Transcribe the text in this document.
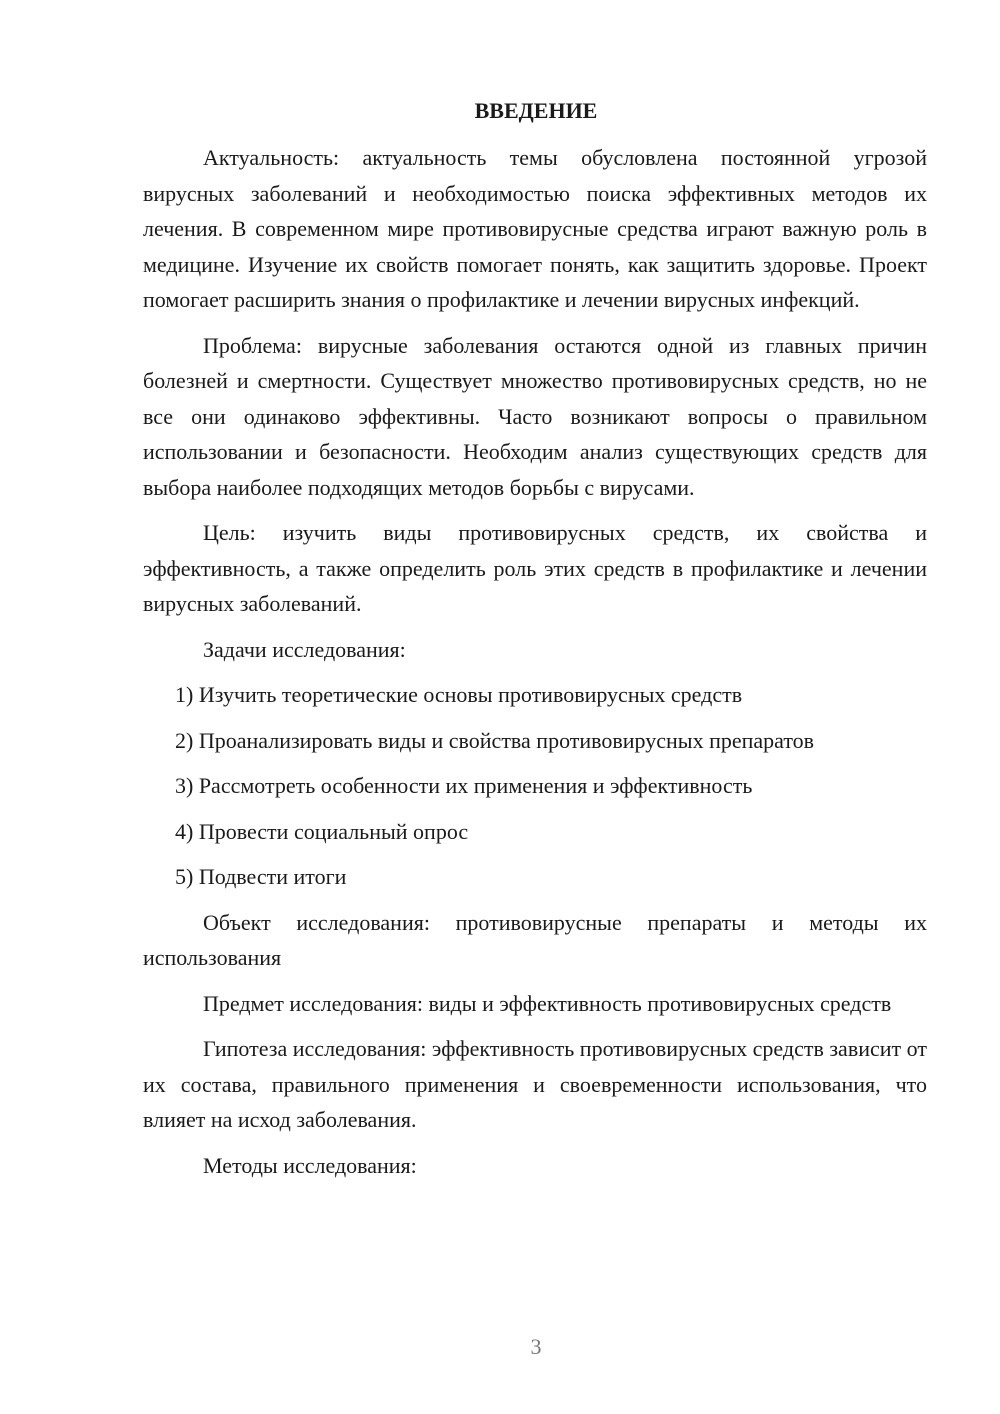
ВВЕДЕНИЕ

Актуальность: актуальность темы обусловлена постоянной угрозой вирусных заболеваний и необходимостью поиска эффективных методов их лечения. В современном мире противовирусные средства играют важную роль в медицине. Изучение их свойств помогает понять, как защитить здоровье. Проект помогает расширить знания о профилактике и лечении вирусных инфекций.

Проблема: вирусные заболевания остаются одной из главных причин болезней и смертности. Существует множество противовирусных средств, но не все они одинаково эффективны. Часто возникают вопросы о правильном использовании и безопасности. Необходим анализ существующих средств для выбора наиболее подходящих методов борьбы с вирусами.

Цель: изучить виды противовирусных средств, их свойства и эффективность, а также определить роль этих средств в профилактике и лечении вирусных заболеваний.

Задачи исследования:

1) Изучить теоретические основы противовирусных средств
2) Проанализировать виды и свойства противовирусных препаратов
3) Рассмотреть особенности их применения и эффективность
4) Провести социальный опрос
5) Подвести итоги

Объект исследования: противовирусные препараты и методы их использования

Предмет исследования: виды и эффективность противовирусных средств

Гипотеза исследования: эффективность противовирусных средств зависит от их состава, правильного применения и своевременности использования, что влияет на исход заболевания.

Методы исследования:

3
